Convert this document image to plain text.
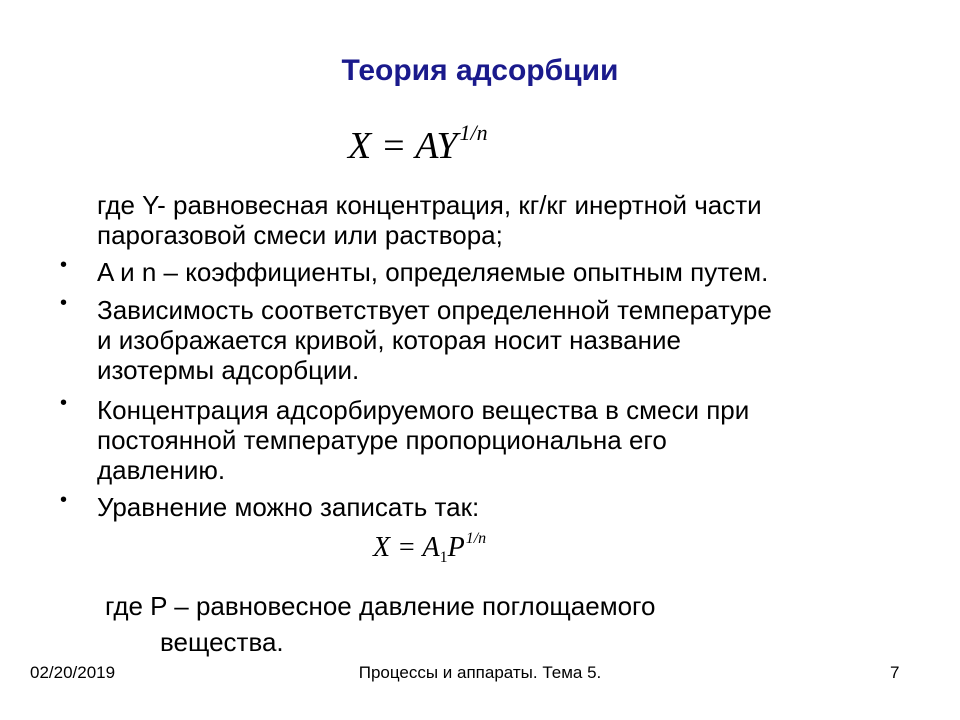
Теория адсорбции
$X = AY^{1/n}$
где Y- равновесная концентрация, кг/кг инертной части
парогазовой смеси или раствора;
• A и n – коэффициенты, определяемые опытным путем.
• Зависимость соответствует определенной температуре
и изображается кривой, которая носит название
изотермы адсорбции.
• Концентрация адсорбируемого вещества в смеси при
постоянной температуре пропорциональна его
давлению.
• Уравнение можно записать так:
$X = A_1P^{1/n}$
где P – равновесное давление поглощаемого
вещества.
02/20/2019	Процессы и аппараты. Тема 5.	7
